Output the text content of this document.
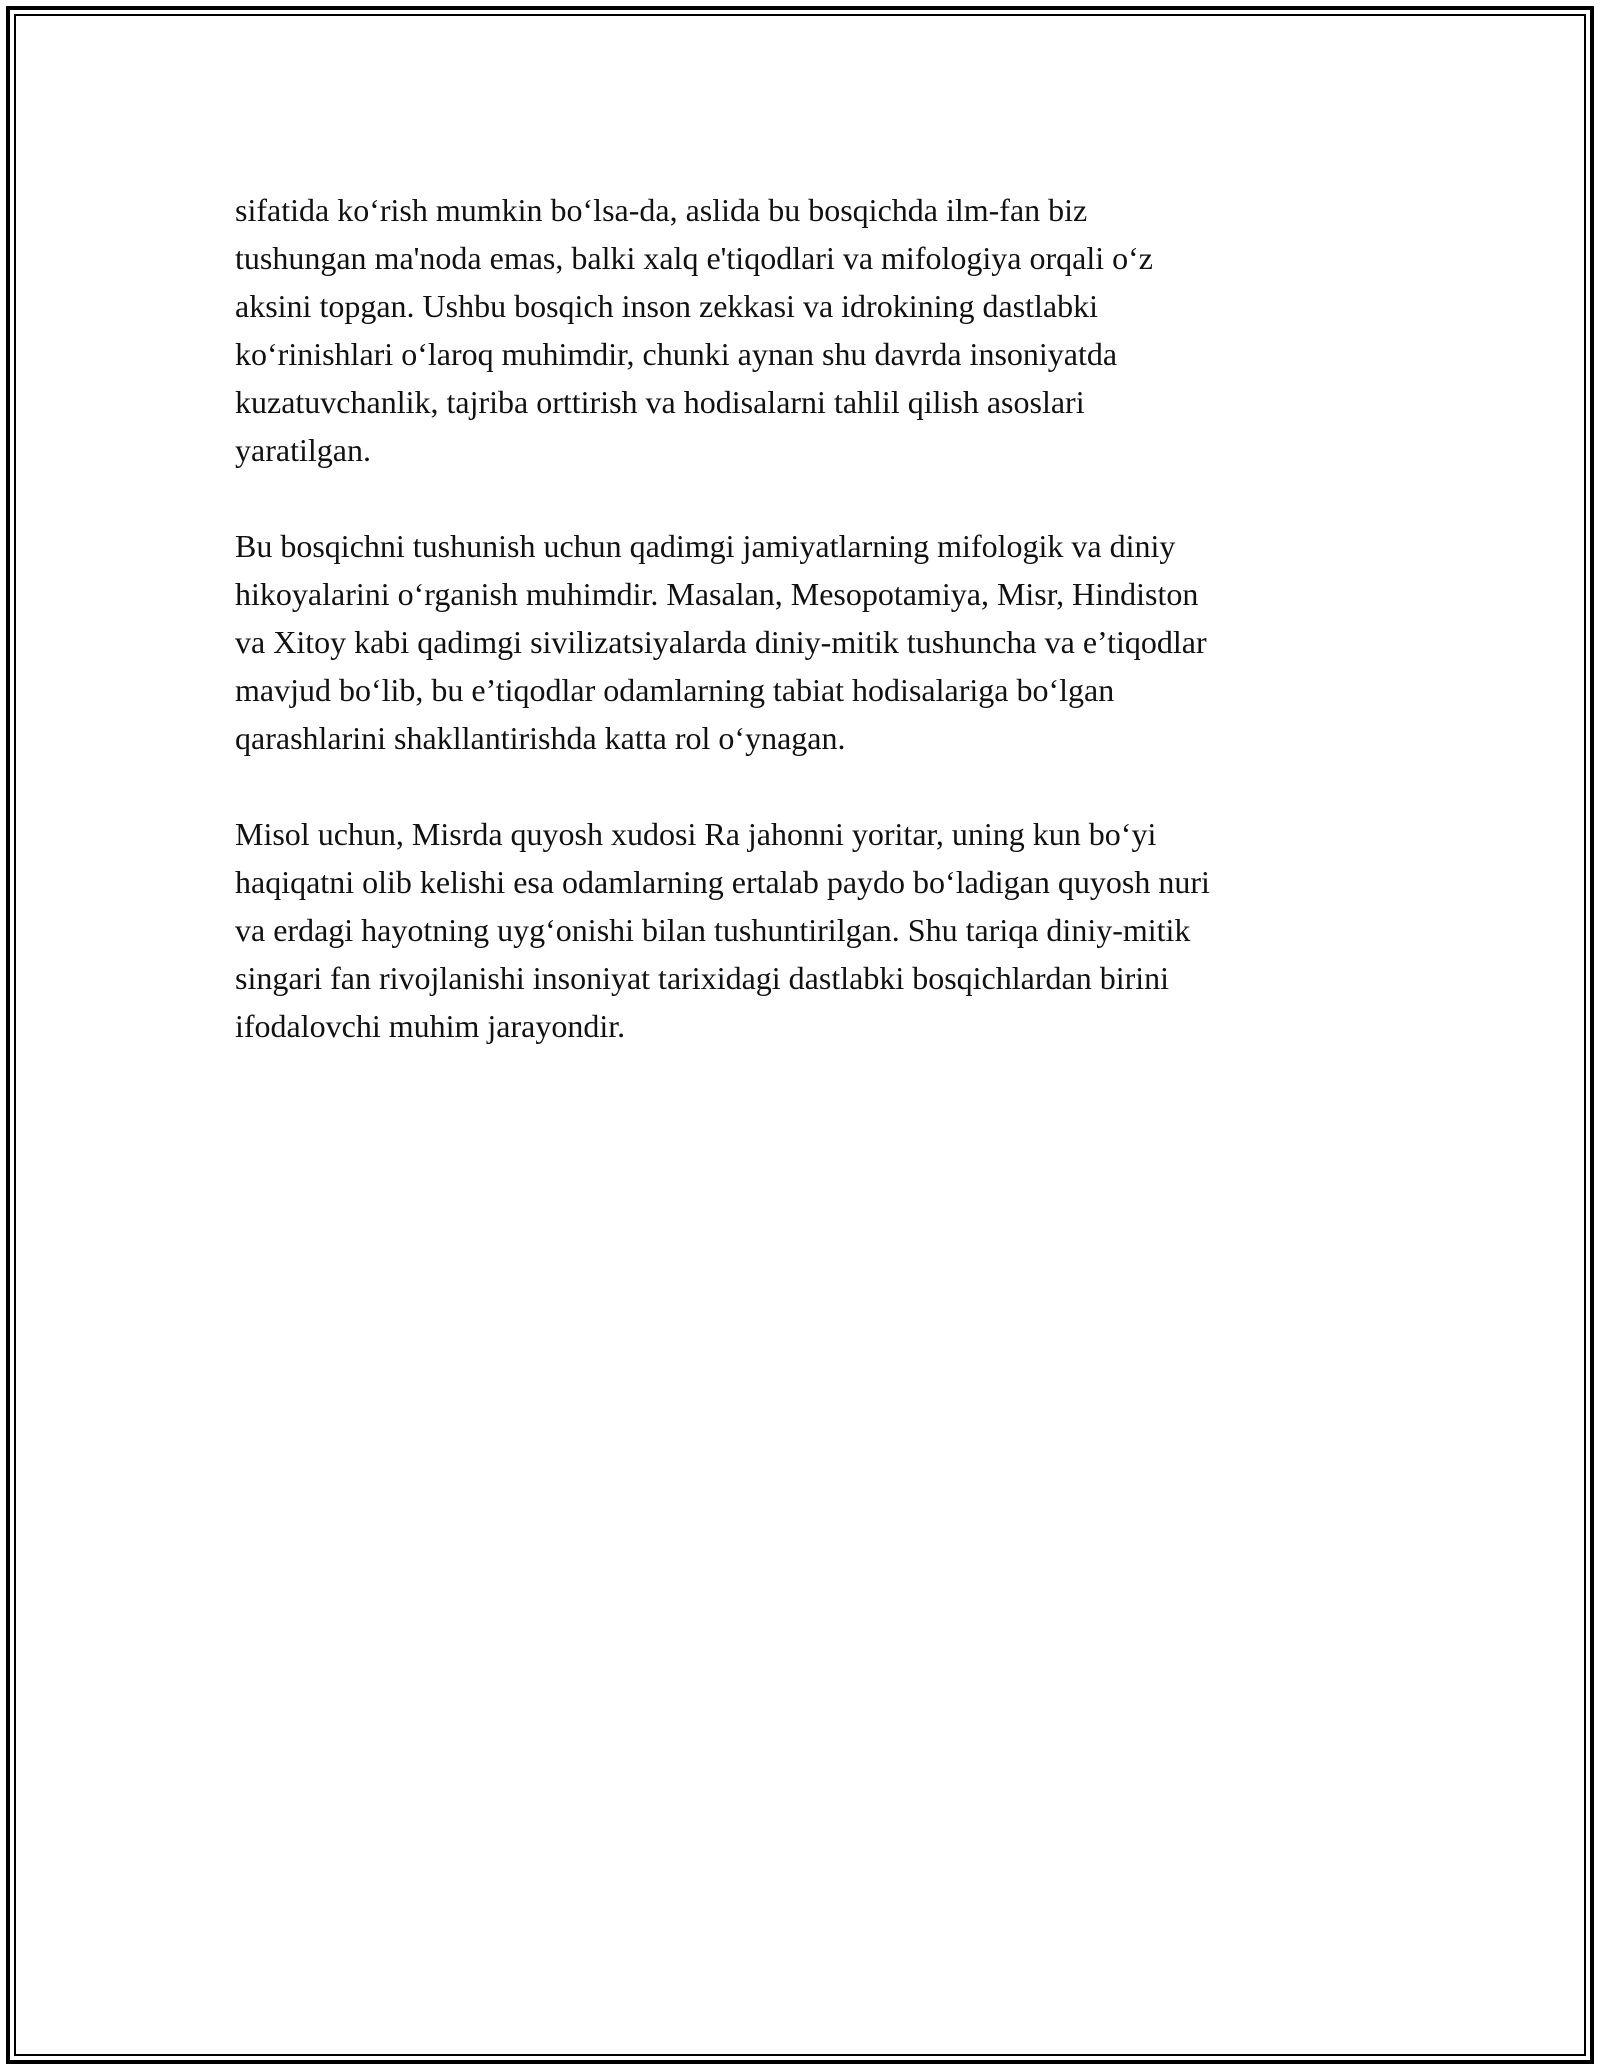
sifatida ko‘rish mumkin bo‘lsa-da, aslida bu bosqichda ilm-fan biz
tushungan ma'noda emas, balki xalq e'tiqodlari va mifologiya orqali o‘z
aksini topgan. Ushbu bosqich inson zekkasi va idrokining dastlabki
ko‘rinishlari o‘laroq muhimdir, chunki aynan shu davrda insoniyatda
kuzatuvchanlik, tajriba orttirish va hodisalarni tahlil qilish asoslari
yaratilgan.

Bu bosqichni tushunish uchun qadimgi jamiyatlarning mifologik va diniy
hikoyalarini o‘rganish muhimdir. Masalan, Mesopotamiya, Misr, Hindiston
va Xitoy kabi qadimgi sivilizatsiyalarda diniy-mitik tushuncha va e’tiqodlar
mavjud bo‘lib, bu e’tiqodlar odamlarning tabiat hodisalariga bo‘lgan
qarashlarini shakllantirishda katta rol o‘ynagan.

Misol uchun, Misrda quyosh xudosi Ra jahonni yoritar, uning kun bo‘yi
haqiqatni olib kelishi esa odamlarning ertalab paydo bo‘ladigan quyosh nuri
va erdagi hayotning uyg‘onishi bilan tushuntirilgan. Shu tariqa diniy-mitik
singari fan rivojlanishi insoniyat tarixidagi dastlabki bosqichlardan birini
ifodalovchi muhim jarayondir.
